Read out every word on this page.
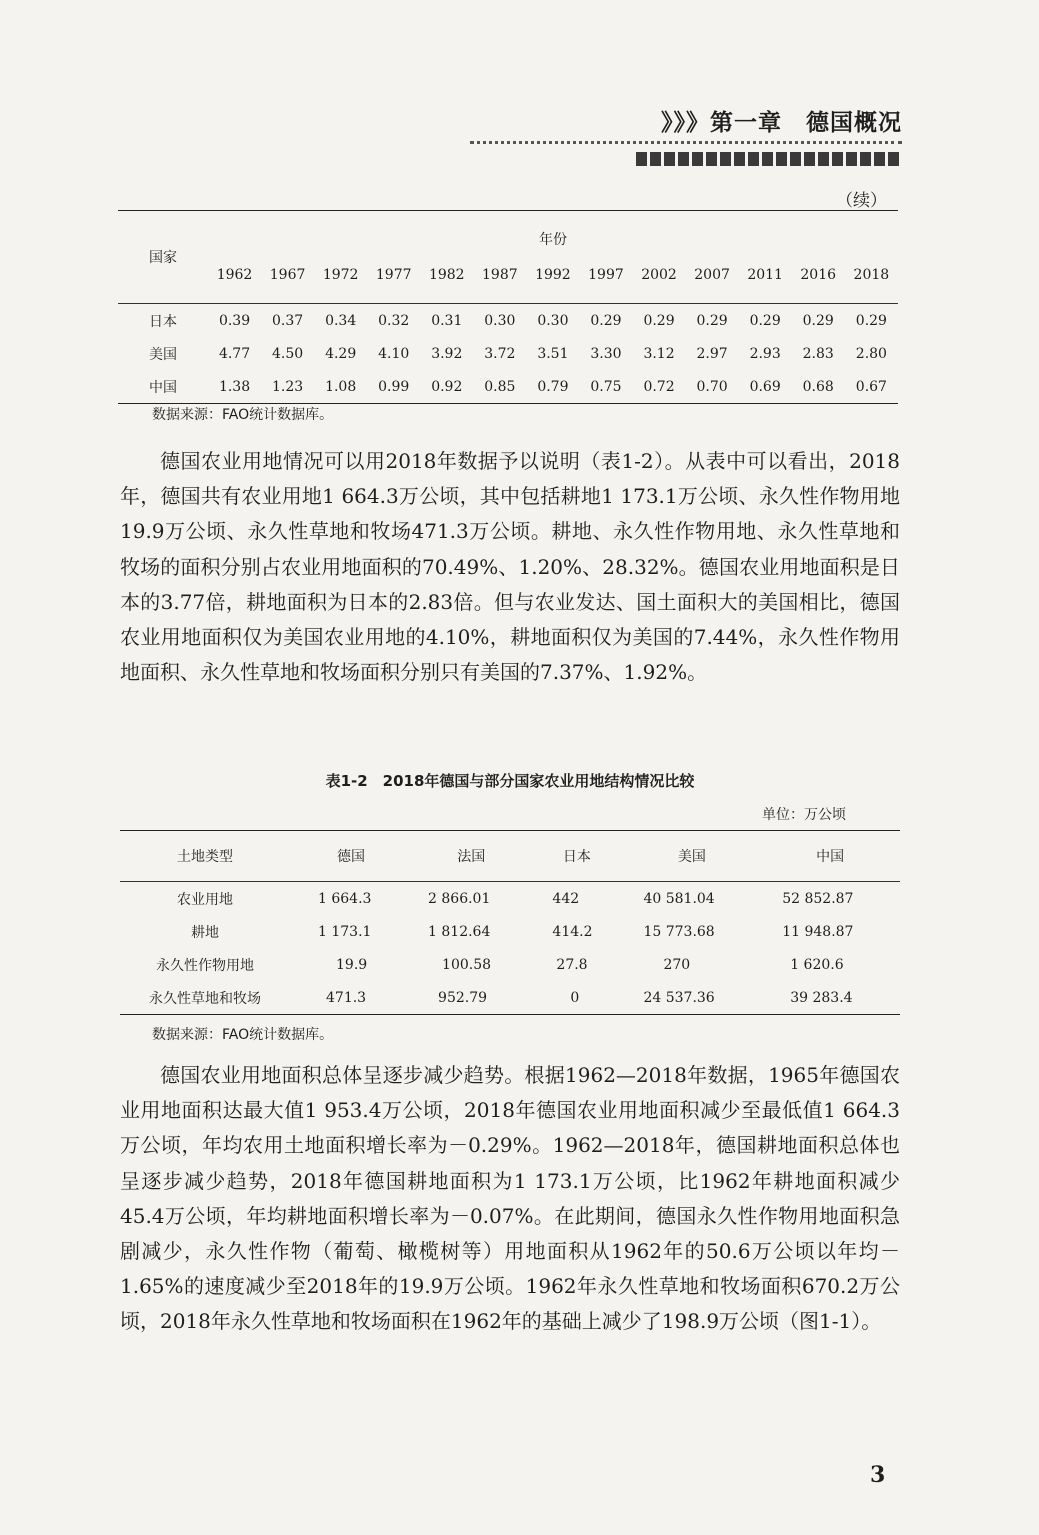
》》》第一章　德国概况
（续）
国家	年份												
	1962	1967	1972	1977	1982	1987	1992	1997	2002	2007	2011	2016	2018
日本	0.39	0.37	0.34	0.32	0.31	0.30	0.30	0.29	0.29	0.29	0.29	0.29	0.29
美国	4.77	4.50	4.29	4.10	3.92	3.72	3.51	3.30	3.12	2.97	2.93	2.83	2.80
中国	1.38	1.23	1.08	0.99	0.92	0.85	0.79	0.75	0.72	0.70	0.69	0.68	0.67
数据来源：FAO统计数据库。

德国农业用地情况可以用2018年数据予以说明（表1-2）。从表中可以看出，2018年，德国共有农业用地1 664.3万公顷，其中包括耕地1 173.1万公顷、永久性作物用地19.9万公顷、永久性草地和牧场471.3万公顷。耕地、永久性作物用地、永久性草地和牧场的面积分别占农业用地面积的70.49%、1.20%、28.32%。德国农业用地面积是日本的3.77倍，耕地面积为日本的2.83倍。但与农业发达、国土面积大的美国相比，德国农业用地面积仅为美国农业用地的4.10%，耕地面积仅为美国的7.44%，永久性作物用地面积、永久性草地和牧场面积分别只有美国的7.37%、1.92%。

表1-2　2018年德国与部分国家农业用地结构情况比较
单位：万公顷
土地类型	德国	法国	日本	美国	中国
农业用地	1 664.3	2 866.01	442	40 581.04	52 852.87
耕地	1 173.1	1 812.64	414.2	15 773.68	11 948.87
永久性作物用地	19.9	100.58	27.8	270	1 620.6
永久性草地和牧场	471.3	952.79	0	24 537.36	39 283.4
数据来源：FAO统计数据库。

德国农业用地面积总体呈逐步减少趋势。根据1962—2018年数据，1965年德国农业用地面积达最大值1 953.4万公顷，2018年德国农业用地面积减少至最低值1 664.3万公顷，年均农用土地面积增长率为－0.29%。1962—2018年，德国耕地面积总体也呈逐步减少趋势，2018年德国耕地面积为1 173.1万公顷，比1962年耕地面积减少45.4万公顷，年均耕地面积增长率为－0.07%。在此期间，德国永久性作物用地面积急剧减少，永久性作物（葡萄、橄榄树等）用地面积从1962年的50.6万公顷以年均－1.65%的速度减少至2018年的19.9万公顷。1962年永久性草地和牧场面积670.2万公顷，2018年永久性草地和牧场面积在1962年的基础上减少了198.9万公顷（图1-1）。

3
